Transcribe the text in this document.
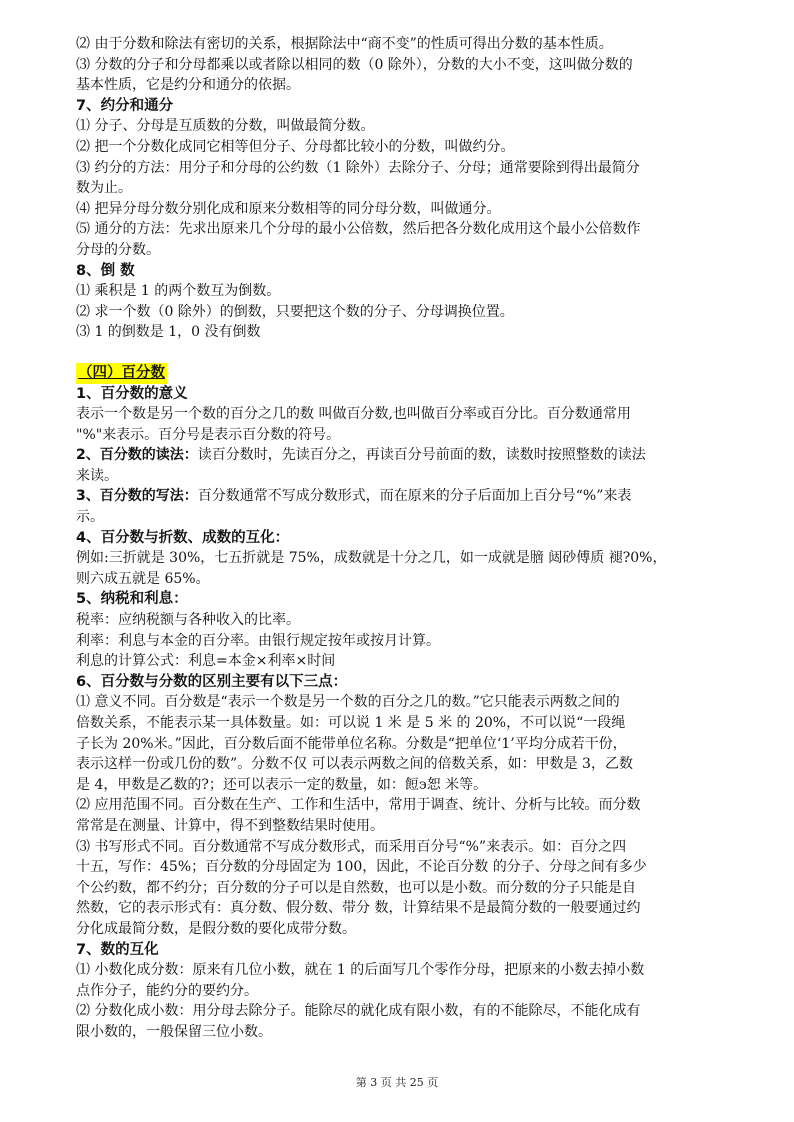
⑵ 由于分数和除法有密切的关系，根据除法中“商不变”的性质可得出分数的基本性质。
⑶ 分数的分子和分母都乘以或者除以相同的数（0 除外），分数的大小不变，这叫做分数的
基本性质，它是约分和通分的依据。
7、约分和通分
⑴ 分子、分母是互质数的分数，叫做最简分数。
⑵ 把一个分数化成同它相等但分子、分母都比较小的分数，叫做约分。
⑶ 约分的方法：用分子和分母的公约数（1 除外）去除分子、分母；通常要除到得出最简分
数为止。
⑷ 把异分母分数分别化成和原来分数相等的同分母分数，叫做通分。
⑸ 通分的方法：先求出原来几个分母的最小公倍数，然后把各分数化成用这个最小公倍数作
分母的分数。
8、倒 数
⑴ 乘积是 1 的两个数互为倒数。
⑵ 求一个数（0 除外）的倒数，只要把这个数的分子、分母调换位置。
⑶ 1 的倒数是 1，0 没有倒数
（四）百分数
1、百分数的意义
表示一个数是另一个数的百分之几的数 叫做百分数,也叫做百分率或百分比。百分数通常用
"%"来表示。百分号是表示百分数的符号。
2、百分数的读法：读百分数时，先读百分之，再读百分号前面的数，读数时按照整数的读法
来读。
3、百分数的写法：百分数通常不写成分数形式，而在原来的分子后面加上百分号“%”来表
示。
4、百分数与折数、成数的互化：
例如:三折就是 30%，七五折就是 75%，成数就是十分之几，如一成就是膪 闼砂傅质 褪?0%，
则六成五就是 65%。
5、纳税和利息：
税率：应纳税额与各种收入的比率。
利率：利息与本金的百分率。由银行规定按年或按月计算。
利息的计算公式：利息=本金×利率×时间
6、百分数与分数的区别主要有以下三点：
⑴ 意义不同。百分数是“表示一个数是另一个数的百分之几的数。”它只能表示两数之间的
倍数关系，不能表示某一具体数量。如：可以说 1 米 是 5 米 的 20%，不可以说“一段绳
子长为 20%米。”因此，百分数后面不能带单位名称。分数是“把单位‘1’平均分成若干份，
表示这样一份或几份的数”。分数不仅 可以表示两数之间的倍数关系，如：甲数是 3，乙数
是 4，甲数是乙数的?；还可以表示一定的数量，如：餖϶恕 米等。
⑵ 应用范围不同。百分数在生产、工作和生活中，常用于调查、统计、分析与比较。而分数
常常是在测量、计算中，得不到整数结果时使用。
⑶ 书写形式不同。百分数通常不写成分数形式，而采用百分号“%”来表示。如：百分之四
十五，写作：45%；百分数的分母固定为 100，因此，不论百分数 的分子、分母之间有多少
个公约数，都不约分；百分数的分子可以是自然数，也可以是小数。而分数的分子只能是自
然数，它的表示形式有：真分数、假分数、带分 数，计算结果不是最简分数的一般要通过约
分化成最简分数，是假分数的要化成带分数。
7、数的互化
⑴ 小数化成分数：原来有几位小数，就在 1 的后面写几个零作分母，把原来的小数去掉小数
点作分子，能约分的要约分。
⑵ 分数化成小数：用分母去除分子。能除尽的就化成有限小数，有的不能除尽，不能化成有
限小数的，一般保留三位小数。
第 3 页 共 25 页
